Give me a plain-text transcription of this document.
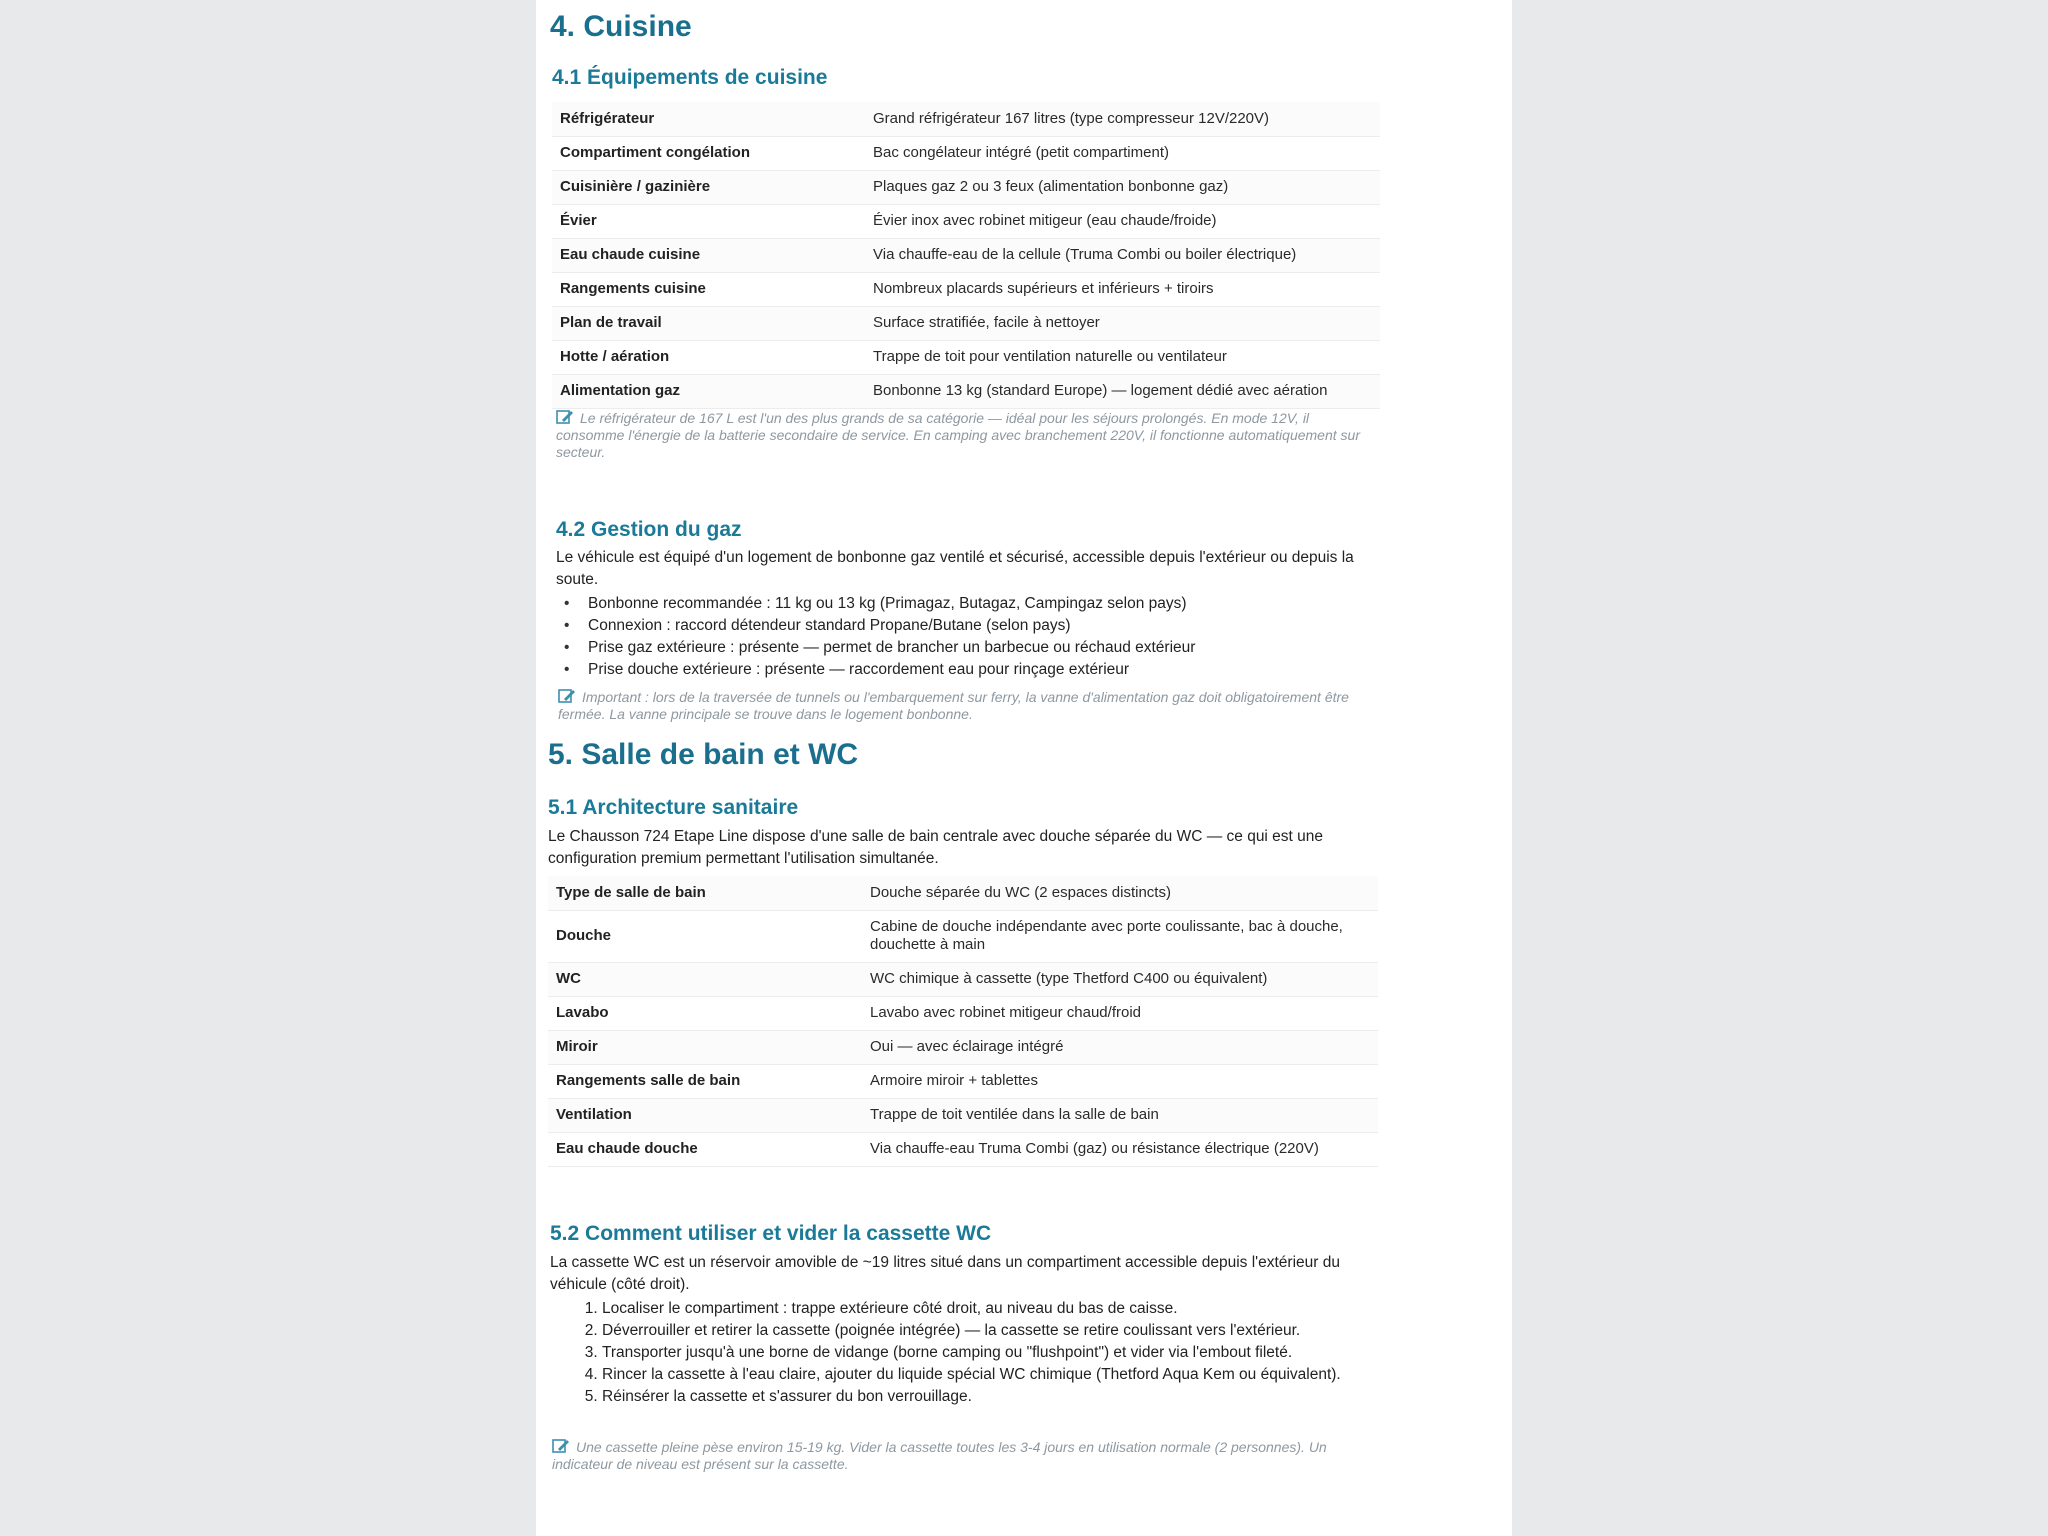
4. Cuisine
4.1 Équipements de cuisine
Réfrigérateur	Grand réfrigérateur 167 litres (type compresseur 12V/220V)
Compartiment congélation	Bac congélateur intégré (petit compartiment)
Cuisinière / gazinière	Plaques gaz 2 ou 3 feux (alimentation bonbonne gaz)
Évier	Évier inox avec robinet mitigeur (eau chaude/froide)
Eau chaude cuisine	Via chauffe-eau de la cellule (Truma Combi ou boiler électrique)
Rangements cuisine	Nombreux placards supérieurs et inférieurs + tiroirs
Plan de travail	Surface stratifiée, facile à nettoyer
Hotte / aération	Trappe de toit pour ventilation naturelle ou ventilateur
Alimentation gaz	Bonbonne 13 kg (standard Europe) — logement dédié avec aération
Le réfrigérateur de 167 L est l'un des plus grands de sa catégorie — idéal pour les séjours prolongés. En mode 12V, il consomme l'énergie de la batterie secondaire de service. En camping avec branchement 220V, il fonctionne automatiquement sur secteur.
4.2 Gestion du gaz
Le véhicule est équipé d'un logement de bonbonne gaz ventilé et sécurisé, accessible depuis l'extérieur ou depuis la soute.
• Bonbonne recommandée : 11 kg ou 13 kg (Primagaz, Butagaz, Campingaz selon pays)
• Connexion : raccord détendeur standard Propane/Butane (selon pays)
• Prise gaz extérieure : présente — permet de brancher un barbecue ou réchaud extérieur
• Prise douche extérieure : présente — raccordement eau pour rinçage extérieur
Important : lors de la traversée de tunnels ou l'embarquement sur ferry, la vanne d'alimentation gaz doit obligatoirement être fermée. La vanne principale se trouve dans le logement bonbonne.
5. Salle de bain et WC
5.1 Architecture sanitaire
Le Chausson 724 Etape Line dispose d'une salle de bain centrale avec douche séparée du WC — ce qui est une configuration premium permettant l'utilisation simultanée.
Type de salle de bain	Douche séparée du WC (2 espaces distincts)
Douche	Cabine de douche indépendante avec porte coulissante, bac à douche, douchette à main
WC	WC chimique à cassette (type Thetford C400 ou équivalent)
Lavabo	Lavabo avec robinet mitigeur chaud/froid
Miroir	Oui — avec éclairage intégré
Rangements salle de bain	Armoire miroir + tablettes
Ventilation	Trappe de toit ventilée dans la salle de bain
Eau chaude douche	Via chauffe-eau Truma Combi (gaz) ou résistance électrique (220V)
5.2 Comment utiliser et vider la cassette WC
La cassette WC est un réservoir amovible de ~19 litres situé dans un compartiment accessible depuis l'extérieur du véhicule (côté droit).
1. Localiser le compartiment : trappe extérieure côté droit, au niveau du bas de caisse.
2. Déverrouiller et retirer la cassette (poignée intégrée) — la cassette se retire coulissant vers l'extérieur.
3. Transporter jusqu'à une borne de vidange (borne camping ou "flushpoint") et vider via l'embout fileté.
4. Rincer la cassette à l'eau claire, ajouter du liquide spécial WC chimique (Thetford Aqua Kem ou équivalent).
5. Réinsérer la cassette et s'assurer du bon verrouillage.
Une cassette pleine pèse environ 15-19 kg. Vider la cassette toutes les 3-4 jours en utilisation normale (2 personnes). Un indicateur de niveau est présent sur la cassette.
